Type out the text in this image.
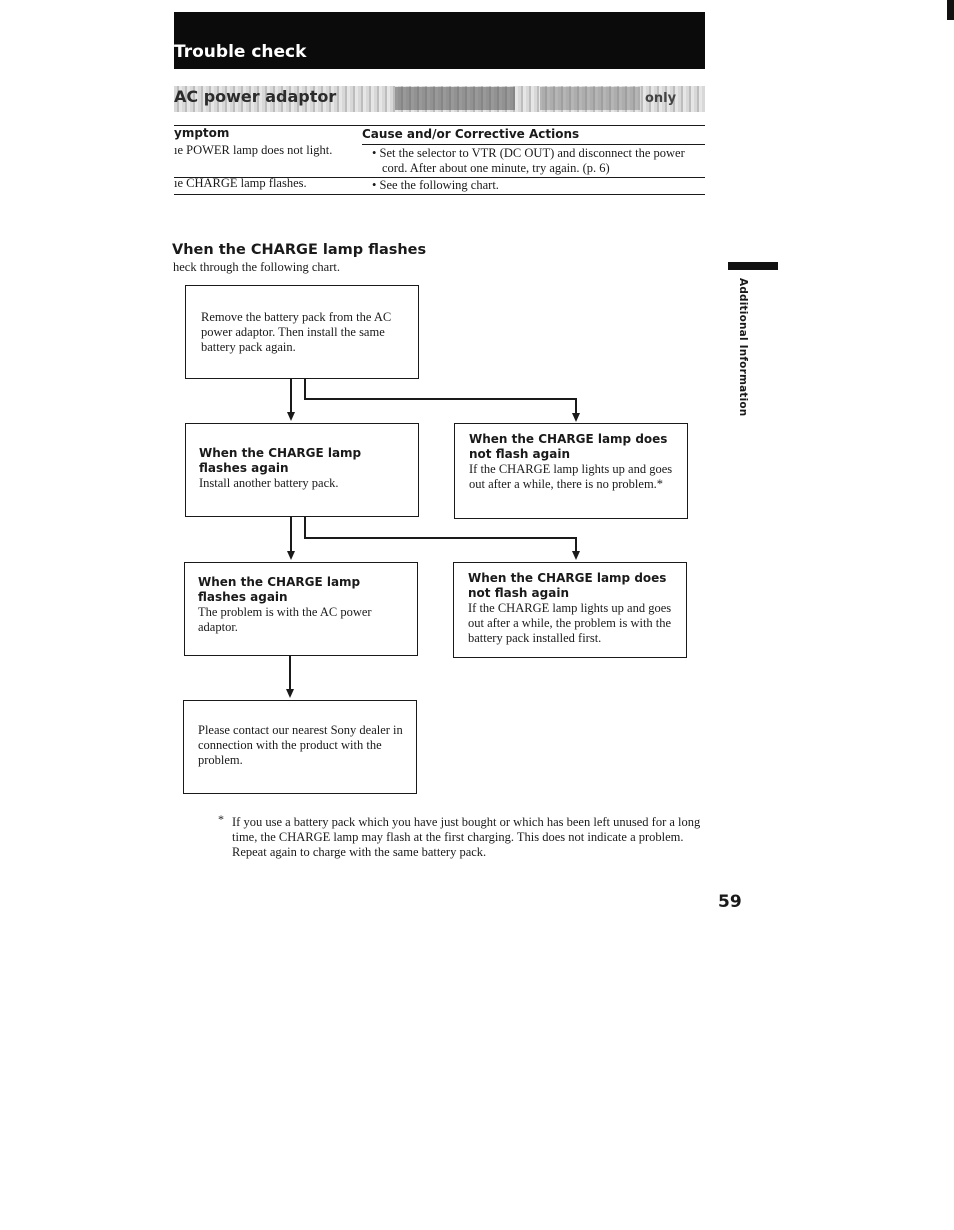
Trouble check
AC power adaptor	only
ymptom	Cause and/or Corrective Actions
ıe POWER lamp does not light.	• Set the selector to VTR (DC OUT) and disconnect the power cord. After about one minute, try again. (p. 6)
ıe CHARGE lamp flashes.	• See the following chart.
Vhen the CHARGE lamp flashes
heck through the following chart.
Remove the battery pack from the AC power adaptor. Then install the same battery pack again.
When the CHARGE lamp flashes again
Install another battery pack.
When the CHARGE lamp does not flash again
If the CHARGE lamp lights up and goes out after a while, there is no problem.*
When the CHARGE lamp flashes again
The problem is with the AC power adaptor.
When the CHARGE lamp does not flash again
If the CHARGE lamp lights up and goes out after a while, the problem is with the battery pack installed first.
Please contact our nearest Sony dealer in connection with the product with the problem.
* If you use a battery pack which you have just bought or which has been left unused for a long time, the CHARGE lamp may flash at the first charging. This does not indicate a problem. Repeat again to charge with the same battery pack.
Additional Information
59
